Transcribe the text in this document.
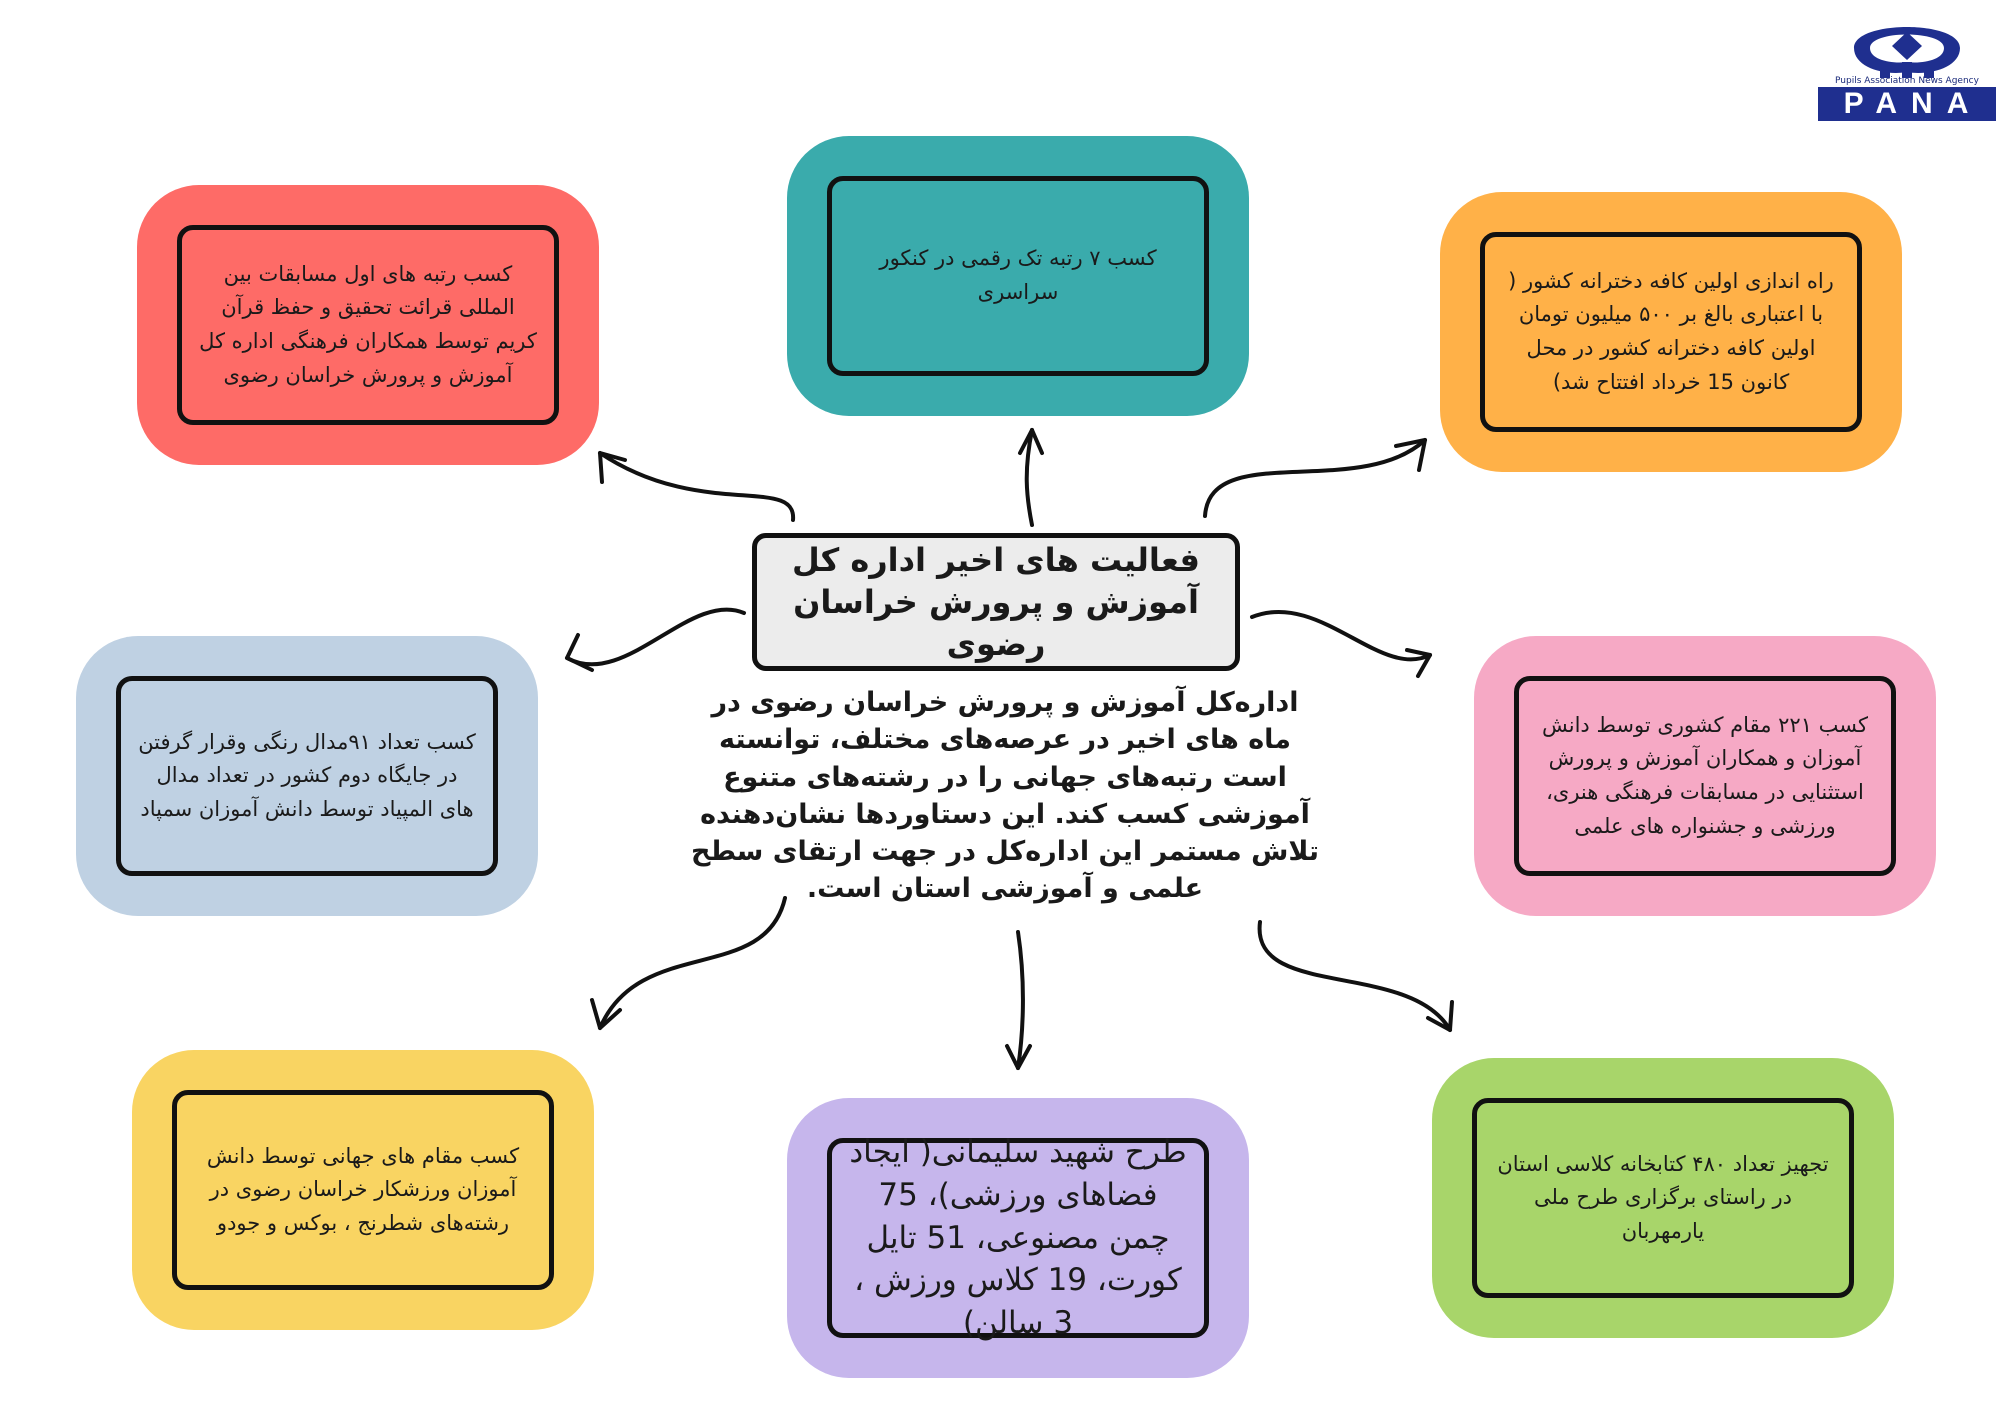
کسب رتبه های اول مسابقات بین المللی قرائت تحقیق و حفظ قرآن کریم توسط همکاران فرهنگی اداره کل آموزش و پرورش خراسان رضوی
کسب ۷ رتبه تک رقمی در کنکور سراسری	راه اندازی اولین کافه دخترانه کشور ( با اعتباری بالغ بر ۵۰۰ میلیون تومان اولین کافه دخترانه کشور در محل کانون 15 خرداد افتتاح شد)
کسب تعداد ۹۱مدال رنگی وقرار گرفتن در جایگاه دوم کشور در تعداد مدال های المپیاد توسط دانش آموزان سمپاد
کسب ۲۲۱ مقام کشوری توسط دانش آموزان و همکاران آموزش و پرورش استثنایی در مسابقات فرهنگی هنری، ورزشی و جشنواره های علمی
کسب مقام های جهانی توسط دانش آموزان ورزشکار خراسان رضوی در رشته‌های شطرنج ، بوکس و جودو
طرح شهید سلیمانی( ایجاد فضاهای ورزشی)، 75 چمن مصنوعی، 51 تایل کورت، 19 کلاس ورزش ، 3 سالن)
تجهیز تعداد ۴۸۰ کتابخانه کلاسی استان در راستای برگزاری طرح ملی یارمهربان
فعالیت های اخیر اداره کل آموزش و پرورش خراسان رضوی

اداره‌کل آموزش و پرورش خراسان رضوی در ماه های اخیر در عرصه‌های مختلف، توانسته است رتبه‌های جهانی را در رشته‌های متنوع آموزشی کسب کند. این دستاوردها نشان‌دهنده تلاش مستمر این اداره‌کل در جهت ارتقای سطح علمی و آموزشی استان است.

Pupils Association News Agency
PANA
